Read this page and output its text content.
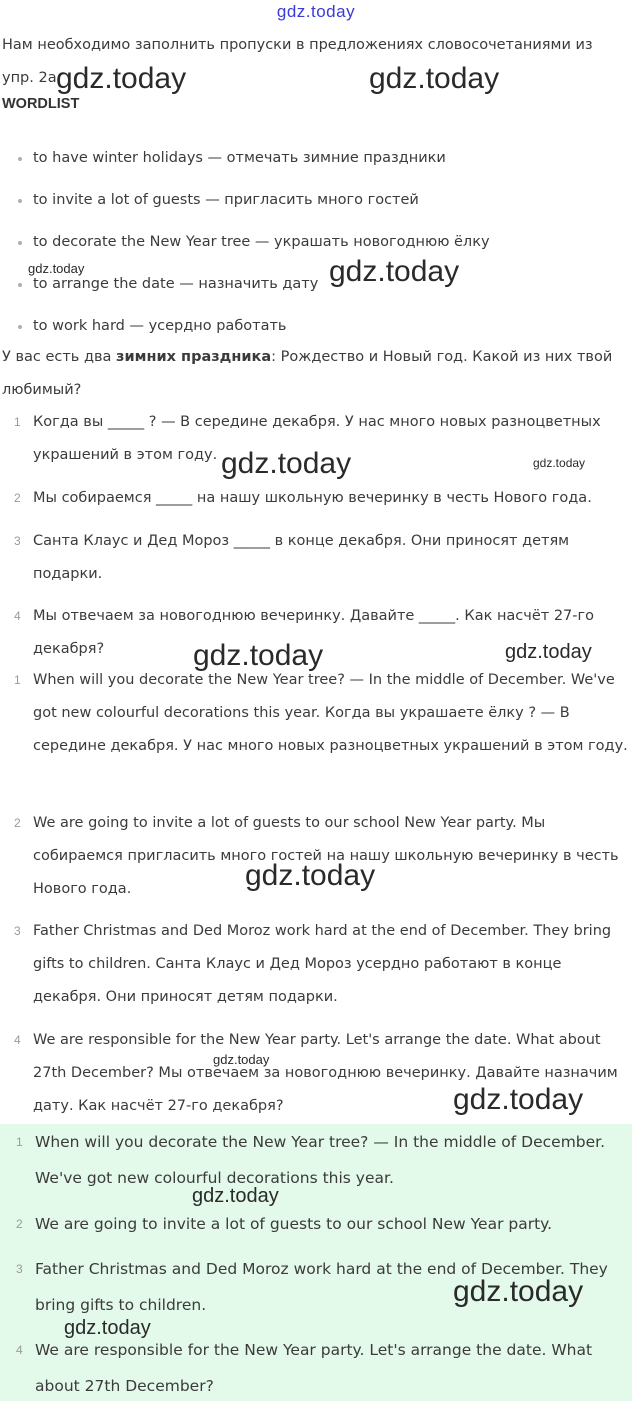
gdz.today

Нам необходимо заполнить пропуски в предложениях словосочетаниями из упр. 2а.

WORDLIST
to have winter holidays — отмечать зимние праздники
to invite a lot of guests — пригласить много гостей
to decorate the New Year tree — украшать новогоднюю ёлку
to arrange the date — назначить дату
to work hard — усердно работать

У вас есть два зимних праздника: Рождество и Новый год. Какой из них твой любимый?

1 Когда вы _____ ? — В середине декабря. У нас много новых разноцветных украшений в этом году.
2 Мы собираемся _____ на нашу школьную вечеринку в честь Нового года.
3 Санта Клаус и Дед Мороз _____ в конце декабря. Они приносят детям подарки.
4 Мы отвечаем за новогоднюю вечеринку. Давайте _____. Как насчёт 27-го декабря?
1 When will you decorate the New Year tree? — In the middle of December. We've got new colourful decorations this year. Когда вы украшаете ёлку ? — В середине декабря. У нас много новых разноцветных украшений в этом году.
2 We are going to invite a lot of guests to our school New Year party. Мы собираемся пригласить много гостей на нашу школьную вечеринку в честь Нового года.
3 Father Christmas and Ded Moroz work hard at the end of December. They bring gifts to children. Санта Клаус и Дед Мороз усердно работают в конце декабря. Они приносят детям подарки.
4 We are responsible for the New Year party. Let's arrange the date. What about 27th December? Мы отвечаем за новогоднюю вечеринку. Давайте назначим дату. Как насчёт 27-го декабря?
1 When will you decorate the New Year tree? — In the middle of December. We've got new colourful decorations this year.
2 We are going to invite a lot of guests to our school New Year party.
3 Father Christmas and Ded Moroz work hard at the end of December. They bring gifts to children.
4 We are responsible for the New Year party. Let's arrange the date. What about 27th December?
gdz.today	gdz.today
gdz.today	gdz.today
gdz.today	gdz.today
gdz.today	gdz.today
gdz.today
gdz.today
gdz.today
gdz.today
gdz.today
gdz.today
